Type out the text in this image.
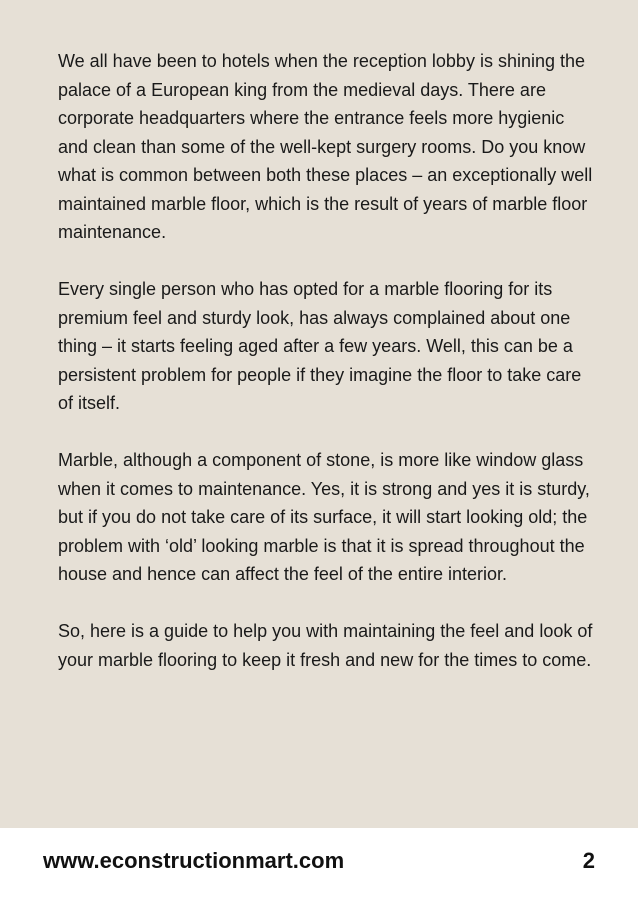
We all have been to hotels when the reception lobby is shining the palace of a European king from the medieval days. There are corporate headquarters where the entrance feels more hygienic and clean than some of the well-kept surgery rooms. Do you know what is common between both these places – an exceptionally well maintained marble floor, which is the result of years of marble floor maintenance.

Every single person who has opted for a marble flooring for its premium feel and sturdy look, has always complained about one thing – it starts feeling aged after a few years. Well, this can be a persistent problem for people if they imagine the floor to take care of itself.

Marble, although a component of stone, is more like window glass when it comes to maintenance. Yes, it is strong and yes it is sturdy, but if you do not take care of its surface, it will start looking old; the problem with ‘old’ looking marble is that it is spread throughout the house and hence can affect the feel of the entire interior.

So, here is a guide to help you with maintaining the feel and look of your marble flooring to keep it fresh and new for the times to come.

www.econstructionmart.com	2
